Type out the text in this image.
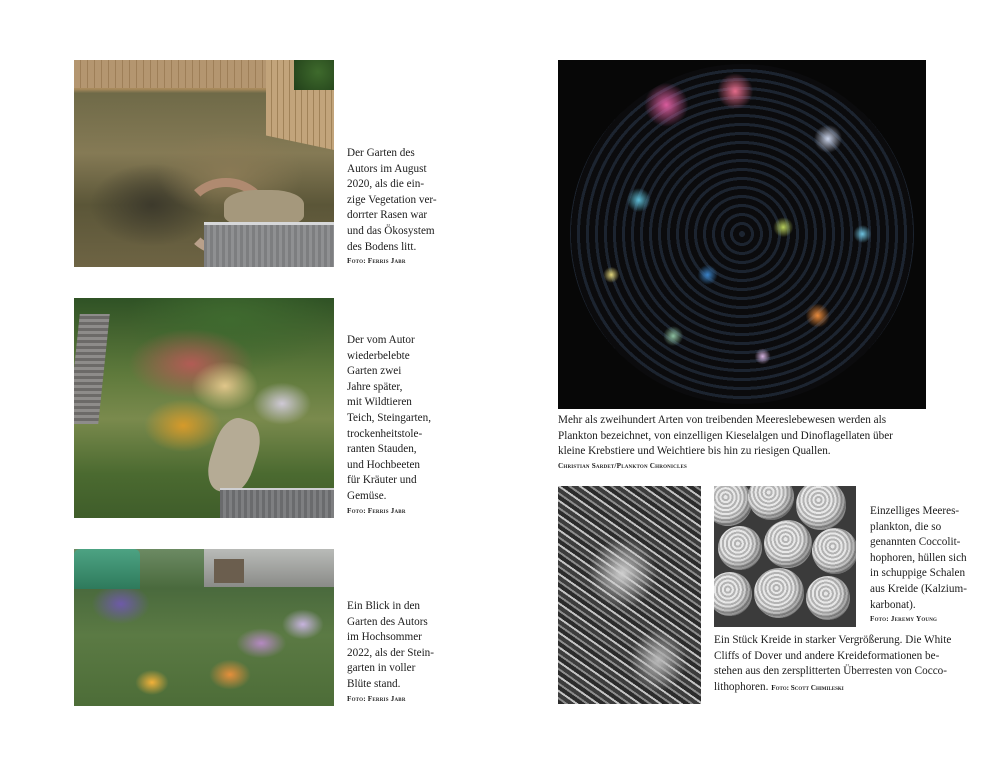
Der Garten des
Autors im August
2020, als die ein-
zige Vegetation ver-
dorrter Rasen war
und das Ökosystem
des Bodens litt.
Foto: Ferris Jabr
Der vom Autor
wiederbelebte
Garten zwei
Jahre später,
mit Wildtieren
Teich, Steingarten,
trockenheitstole-
ranten Stauden,
und Hochbeeten
für Kräuter und
Gemüse.
Foto: Ferris Jabr
Ein Blick in den
Garten des Autors
im Hochsommer
2022, als der Stein-
garten in voller
Blüte stand.
Foto: Ferris Jabr
Mehr als zweihundert Arten von treibenden Meereslebewesen werden als
Plankton bezeichnet, von einzelligen Kieselalgen und Dinoflagellaten über
kleine Krebstiere und Weichtiere bis hin zu riesigen Quallen.
Christian Sardet/Plankton Chronicles
Einzelliges Meeres-
plankton, die so
genannten Coccolit-
hophoren, hüllen sich
in schuppige Schalen
aus Kreide (Kalzium-
karbonat).
Foto: Jeremy Young
Ein Stück Kreide in starker Vergrößerung. Die White
Cliffs of Dover und andere Kreideformationen be-
stehen aus den zersplitterten Überresten von Cocco-
lithophoren. Foto: Scott Chimileski
